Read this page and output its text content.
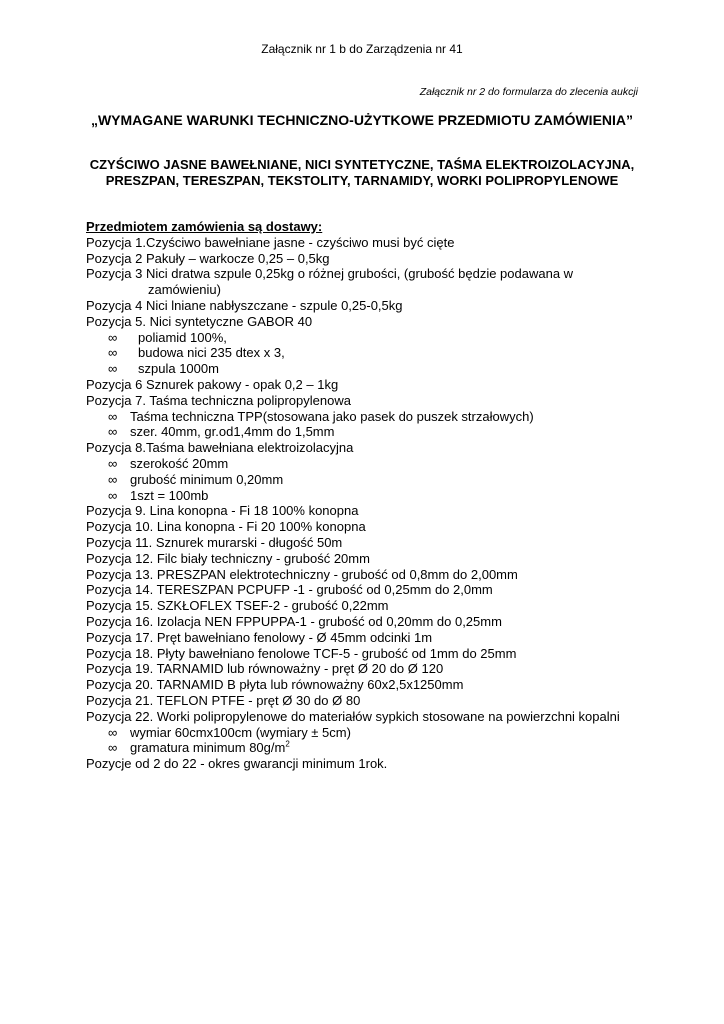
Załącznik nr 1 b do Zarządzenia nr 41
Załącznik nr 2 do formularza do zlecenia aukcji
„WYMAGANE WARUNKI TECHNICZNO-UŻYTKOWE PRZEDMIOTU ZAMÓWIENIA”
CZYŚCIWO JASNE BAWEŁNIANE, NICI SYNTETYCZNE, TAŚMA ELEKTROIZOLACYJNA, PRESZPAN, TERESZPAN, TEKSTOLITY, TARNAMIDY, WORKI POLIPROPYLENOWE
Przedmiotem zamówienia są dostawy:
Pozycja 1.Czyściwo bawełniane jasne - czyściwo musi być cięte
Pozycja 2 Pakuły – warkocze 0,25 – 0,5kg
Pozycja 3 Nici dratwa szpule 0,25kg o różnej grubości, (grubość będzie podawana w
zamówieniu)
Pozycja 4 Nici lniane nabłyszczane - szpule 0,25-0,5kg
Pozycja 5. Nici syntetyczne GABOR 40
∞ poliamid 100%,
∞ budowa nici 235 dtex x 3,
∞ szpula 1000m
Pozycja 6 Sznurek pakowy - opak 0,2 – 1kg
Pozycja 7. Taśma techniczna polipropylenowa
∞ Taśma techniczna TPP(stosowana jako pasek do puszek strzałowych)
∞ szer. 40mm, gr.od1,4mm do 1,5mm
Pozycja 8.Taśma bawełniana elektroizolacyjna
∞ szerokość 20mm
∞ grubość minimum 0,20mm
∞ 1szt = 100mb
Pozycja 9. Lina konopna - Fi 18 100% konopna
Pozycja 10. Lina konopna - Fi 20 100% konopna
Pozycja 11. Sznurek murarski - długość 50m
Pozycja 12. Filc biały techniczny - grubość 20mm
Pozycja 13. PRESZPAN elektrotechniczny - grubość od 0,8mm do 2,00mm
Pozycja 14. TERESZPAN PCPUFP -1 - grubość od 0,25mm do 2,0mm
Pozycja 15. SZKŁOFLEX TSEF-2 - grubość 0,22mm
Pozycja 16. Izolacja NEN FPPUPPA-1 - grubość od 0,20mm do 0,25mm
Pozycja 17. Pręt bawełniano fenolowy - Ø 45mm odcinki 1m
Pozycja 18. Płyty bawełniano fenolowe TCF-5 - grubość od 1mm do 25mm
Pozycja 19. TARNAMID lub równoważny - pręt Ø 20 do Ø 120
Pozycja 20. TARNAMID B płyta lub równoważny 60x2,5x1250mm
Pozycja 21. TEFLON PTFE - pręt Ø 30 do Ø 80
Pozycja 22. Worki polipropylenowe do materiałów sypkich stosowane na powierzchni kopalni
∞ wymiar 60cmx100cm (wymiary ± 5cm)
∞ gramatura minimum $80g/m^2$
Pozycje od 2 do 22 - okres gwarancji minimum 1rok.
